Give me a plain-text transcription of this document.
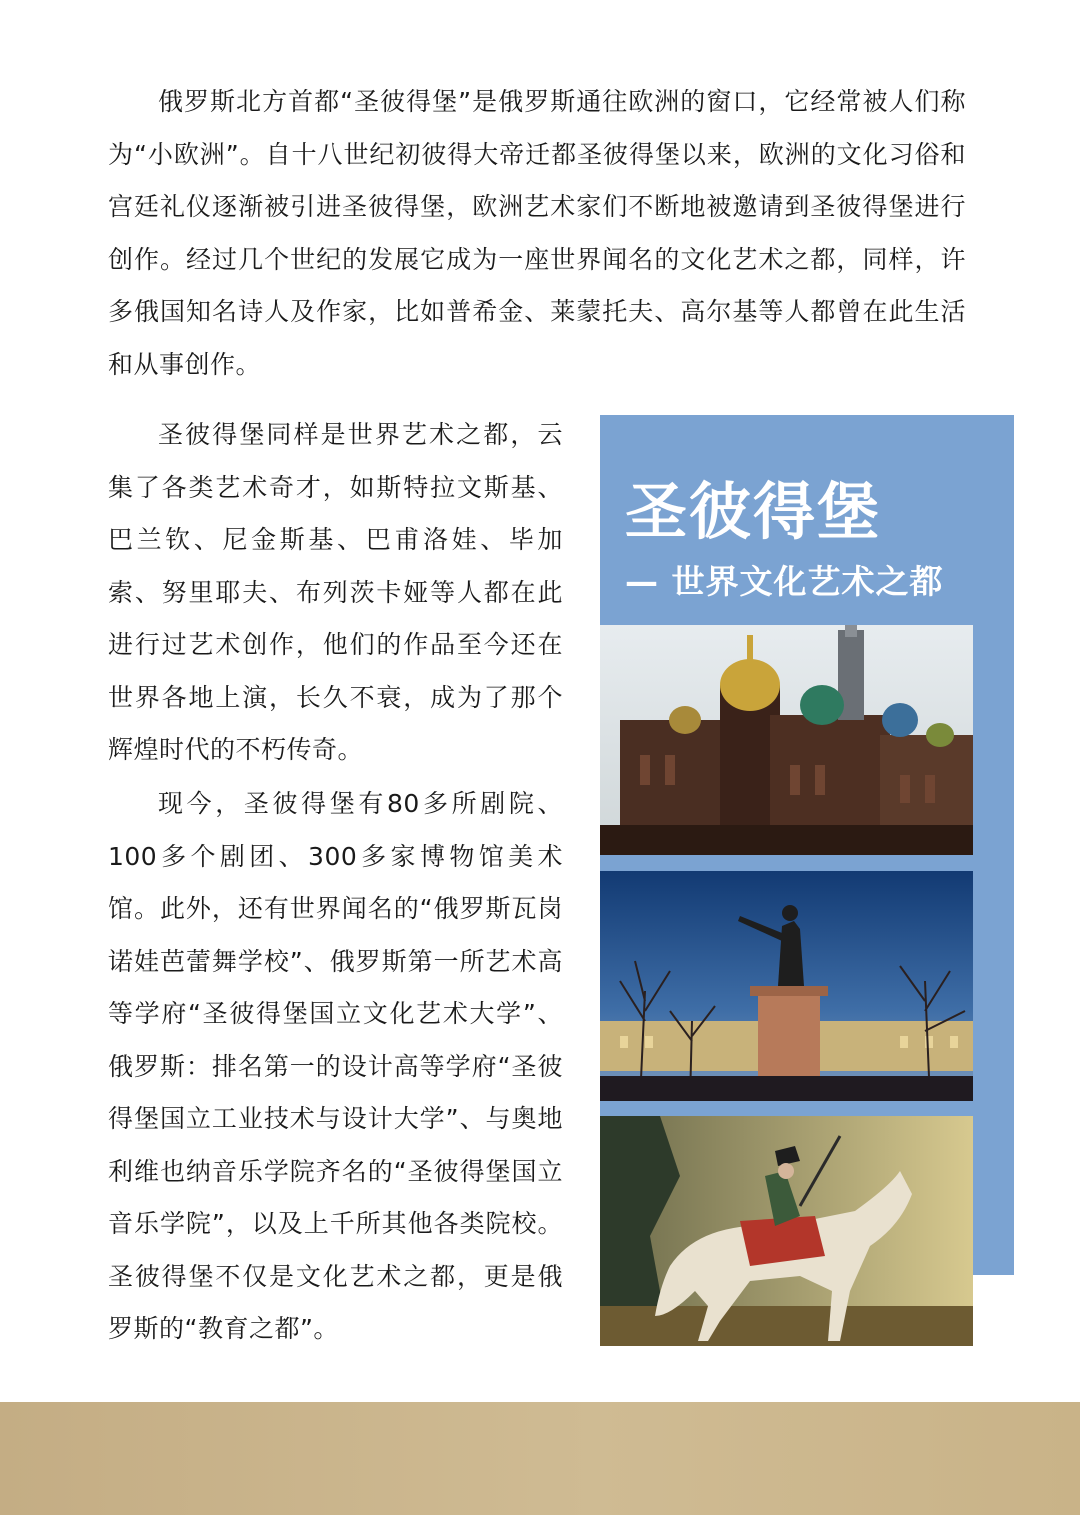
俄罗斯北方首都“圣彼得堡”是俄罗斯通往欧洲的窗口，它经常被人们称为“小欧洲”。自十八世纪初彼得大帝迁都圣彼得堡以来，欧洲的文化习俗和宫廷礼仪逐渐被引进圣彼得堡，欧洲艺术家们不断地被邀请到圣彼得堡进行创作。经过几个世纪的发展它成为一座世界闻名的文化艺术之都，同样，许多俄国知名诗人及作家，比如普希金、莱蒙托夫、高尔基等人都曾在此生活和从事创作。

圣彼得堡同样是世界艺术之都，云集了各类艺术奇才，如斯特拉文斯基、巴兰钦、尼金斯基、巴甫洛娃、毕加索、努里耶夫、布列茨卡娅等人都在此进行过艺术创作，他们的作品至今还在世界各地上演，长久不衰，成为了那个辉煌时代的不朽传奇。

现今，圣彼得堡有80多所剧院、100多个剧团、300多家博物馆美术馆。此外，还有世界闻名的“俄罗斯瓦岗诺娃芭蕾舞学校”、俄罗斯第一所艺术高等学府“圣彼得堡国立文化艺术大学”、俄罗斯：排名第一的设计高等学府“圣彼得堡国立工业技术与设计大学”、与奥地利维也纳音乐学院齐名的“圣彼得堡国立音乐学院”，以及上千所其他各类院校。圣彼得堡不仅是文化艺术之都，更是俄罗斯的“教育之都”。

圣彼得堡
— 世界文化艺术之都
